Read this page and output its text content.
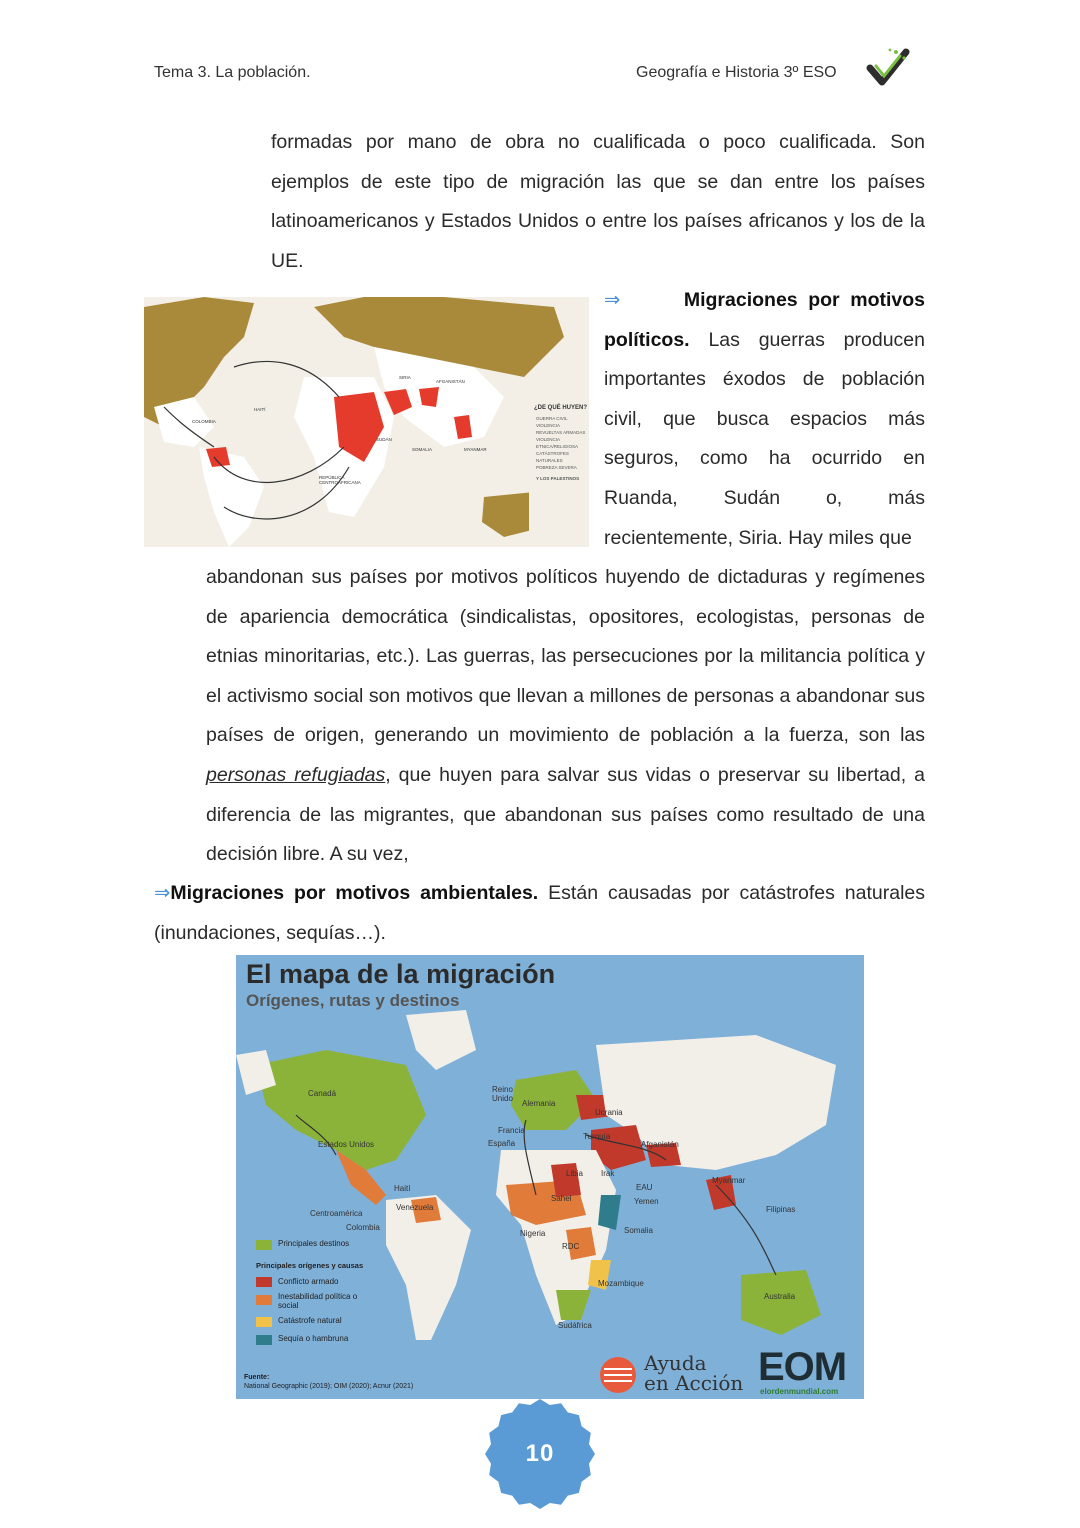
Tema 3. La población.	Geografía e Historia 3º ESO
formadas por mano de obra no cualificada o poco cualificada. Son ejemplos de este tipo de migración las que se dan entre los países latinoamericanos y Estados Unidos o entre los países africanos y los de la UE.
¿DE QUÉ HUYEN?
GUERRA CIVIL
VIOLENCIA
REVUELTAS ARMADAS
VIOLENCIA ETNICA/RELIGIOSA
CATÁSTROFES NATURALES
POBREZA SEVERA
Y LOS PALESTINOS
COLOMBIA
HAITÍ
SIRIA
AFGANISTÁN
SUDÁN
SOMALIA	MYANMAR
REPÚBLICA CENTROAFRICANA
⇒	Migraciones por motivos políticos. Las guerras producen importantes éxodos de población civil, que busca espacios más seguros, como ha ocurrido en Ruanda, Sudán o, más recientemente, Siria. Hay miles que
abandonan sus países por motivos políticos huyendo de dictaduras y regímenes de apariencia democrática (sindicalistas, opositores, ecologistas, personas de etnias minoritarias, etc.). Las guerras, las persecuciones por la militancia política y el activismo social son motivos que llevan a millones de personas a abandonar sus países de origen, generando un movimiento de población a la fuerza, son las personas refugiadas, que huyen para salvar sus vidas o preservar su libertad, a diferencia de las migrantes, que abandonan sus países como resultado de una decisión libre. A su vez,
⇒Migraciones por motivos ambientales. Están causadas por catástrofes naturales (inundaciones, sequías…).
El mapa de la migración
Orígenes, rutas y destinos
Canadá
Estados Unidos
Haití
Venezuela
Centroamérica
Colombia
Reino Unido
Alemania
Francia
España
Ucrania
Turquía
Afganistán
Libia Irak
EAU
Sahel	Yemen
Myanmar
Nigeria	Somalia
Filipinas
RDC
Mozambique
Australia
Sudáfrica
Principales destinos
Principales orígenes y causas
Conflicto armado
Inestabilidad política o social
Catástrofe natural
Sequía o hambruna
Fuente:
National Geographic (2019); OIM (2020); Acnur (2021)
Ayuda
en Acción EOM
elordenmundial.com
10
